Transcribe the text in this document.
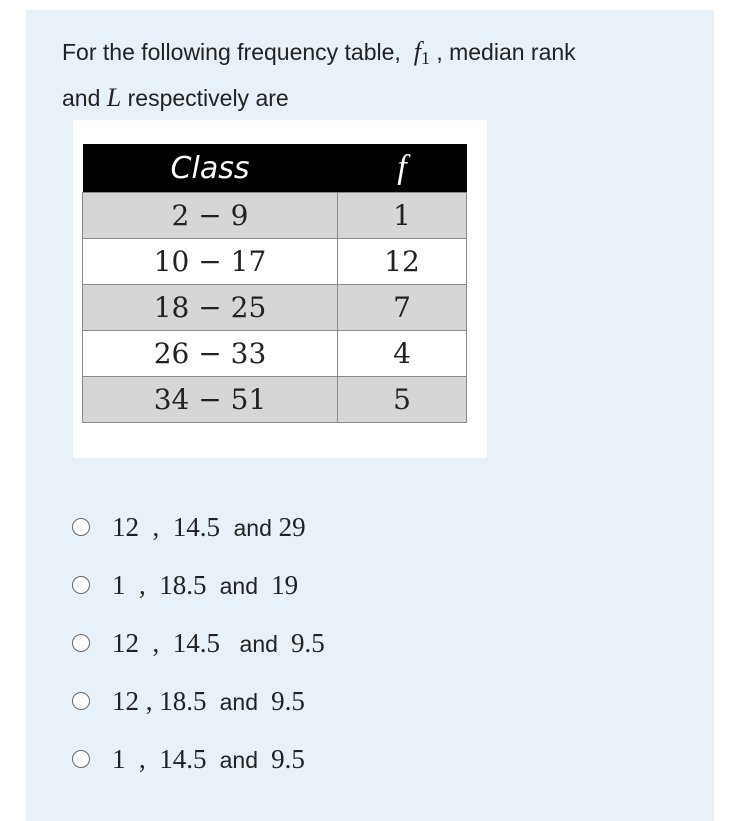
For the following frequency table, $f_1$ , median rank
and L respectively are
Class	f
2 − 9	1
10 − 17	12
18 − 25	7
26 − 33	4
34 − 51	5
12  ,  14.5 and 29
1  ,  18.5  and  19
12  ,  14.5   and  9.5
12 , 18.5  and  9.5
1  ,  14.5  and  9.5
